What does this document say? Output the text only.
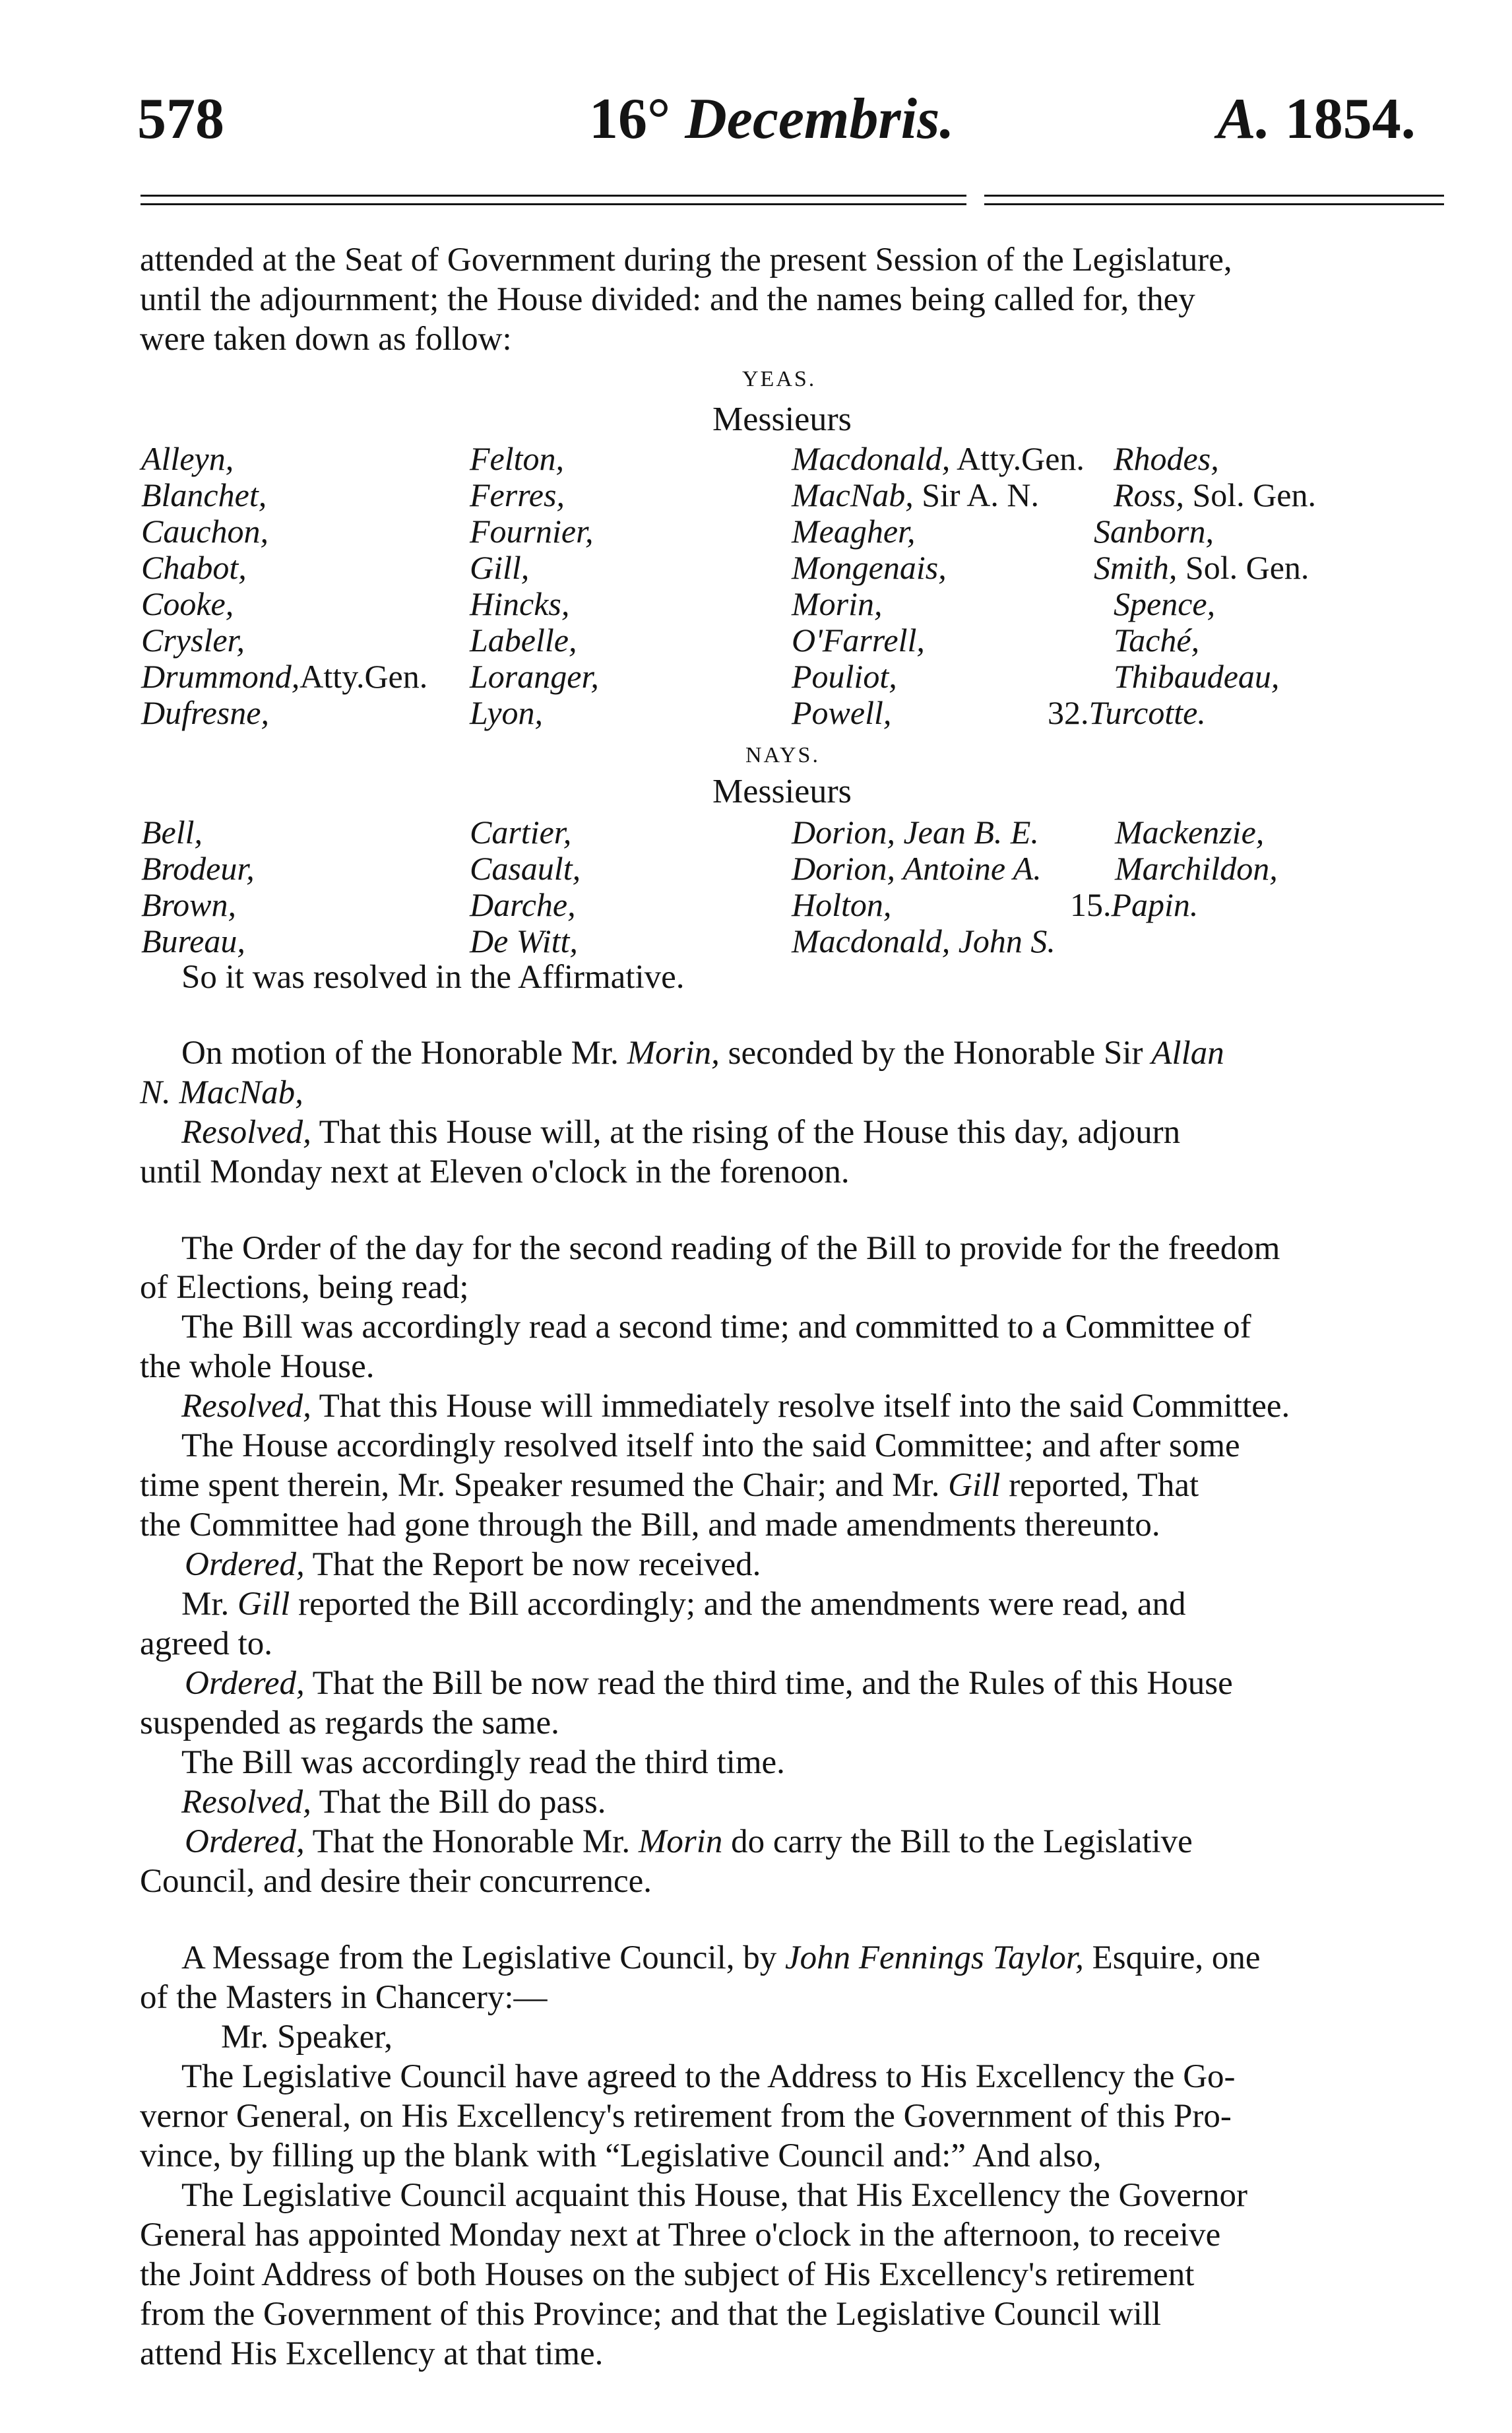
578	16° Decembris.	A. 1854.
attended at the Seat of Government during the present Session of the Legislature,
until the adjournment; the House divided: and the names being called for, they
were taken down as follow:
YEAS.
Messieurs
Alleyn,
Blanchet,
Cauchon,
Chabot,
Cooke,
Crysler,
Drummond,Atty.Gen.
Dufresne,
Felton,
Ferres,
Fournier,
Gill,
Hincks,
Labelle,
Loranger,
Lyon,
Macdonald, Atty.Gen.
MacNab, Sir A. N.
Meagher,
Mongenais,
Morin,
O'Farrell,
Pouliot,
Powell,
Rhodes,
Ross, Sol. Gen.
Sanborn,
Smith, Sol. Gen.
Spence,
Taché,
Thibaudeau,
32.Turcotte.
NAYS.
Messieurs
Bell,
Brodeur,
Brown,
Bureau,
Cartier,
Casault,
Darche,
De Witt,
Dorion, Jean B. E.
Dorion, Antoine A.
Holton,
Macdonald, John S.
Mackenzie,
Marchildon,
15.Papin.
So it was resolved in the Affirmative.
On motion of the Honorable Mr. Morin, seconded by the Honorable Sir Allan
N. MacNab,
Resolved, That this House will, at the rising of the House this day, adjourn
until Monday next at Eleven o'clock in the forenoon.
The Order of the day for the second reading of the Bill to provide for the freedom
of Elections, being read;
The Bill was accordingly read a second time; and committed to a Committee of
the whole House.
Resolved, That this House will immediately resolve itself into the said Committee.
The House accordingly resolved itself into the said Committee; and after some
time spent therein, Mr. Speaker resumed the Chair; and Mr. Gill reported, That
the Committee had gone through the Bill, and made amendments thereunto.
Ordered, That the Report be now received.
Mr. Gill reported the Bill accordingly; and the amendments were read, and
agreed to.
Ordered, That the Bill be now read the third time, and the Rules of this House
suspended as regards the same.
The Bill was accordingly read the third time.
Resolved, That the Bill do pass.
Ordered, That the Honorable Mr. Morin do carry the Bill to the Legislative
Council, and desire their concurrence.
A Message from the Legislative Council, by John Fennings Taylor, Esquire, one
of the Masters in Chancery:—
Mr. Speaker,
The Legislative Council have agreed to the Address to His Excellency the Go-
vernor General, on His Excellency's retirement from the Government of this Pro-
vince, by filling up the blank with “Legislative Council and:” And also,
The Legislative Council acquaint this House, that His Excellency the Governor
General has appointed Monday next at Three o'clock in the afternoon, to receive
the Joint Address of both Houses on the subject of His Excellency's retirement
from the Government of this Province; and that the Legislative Council will
attend His Excellency at that time.
